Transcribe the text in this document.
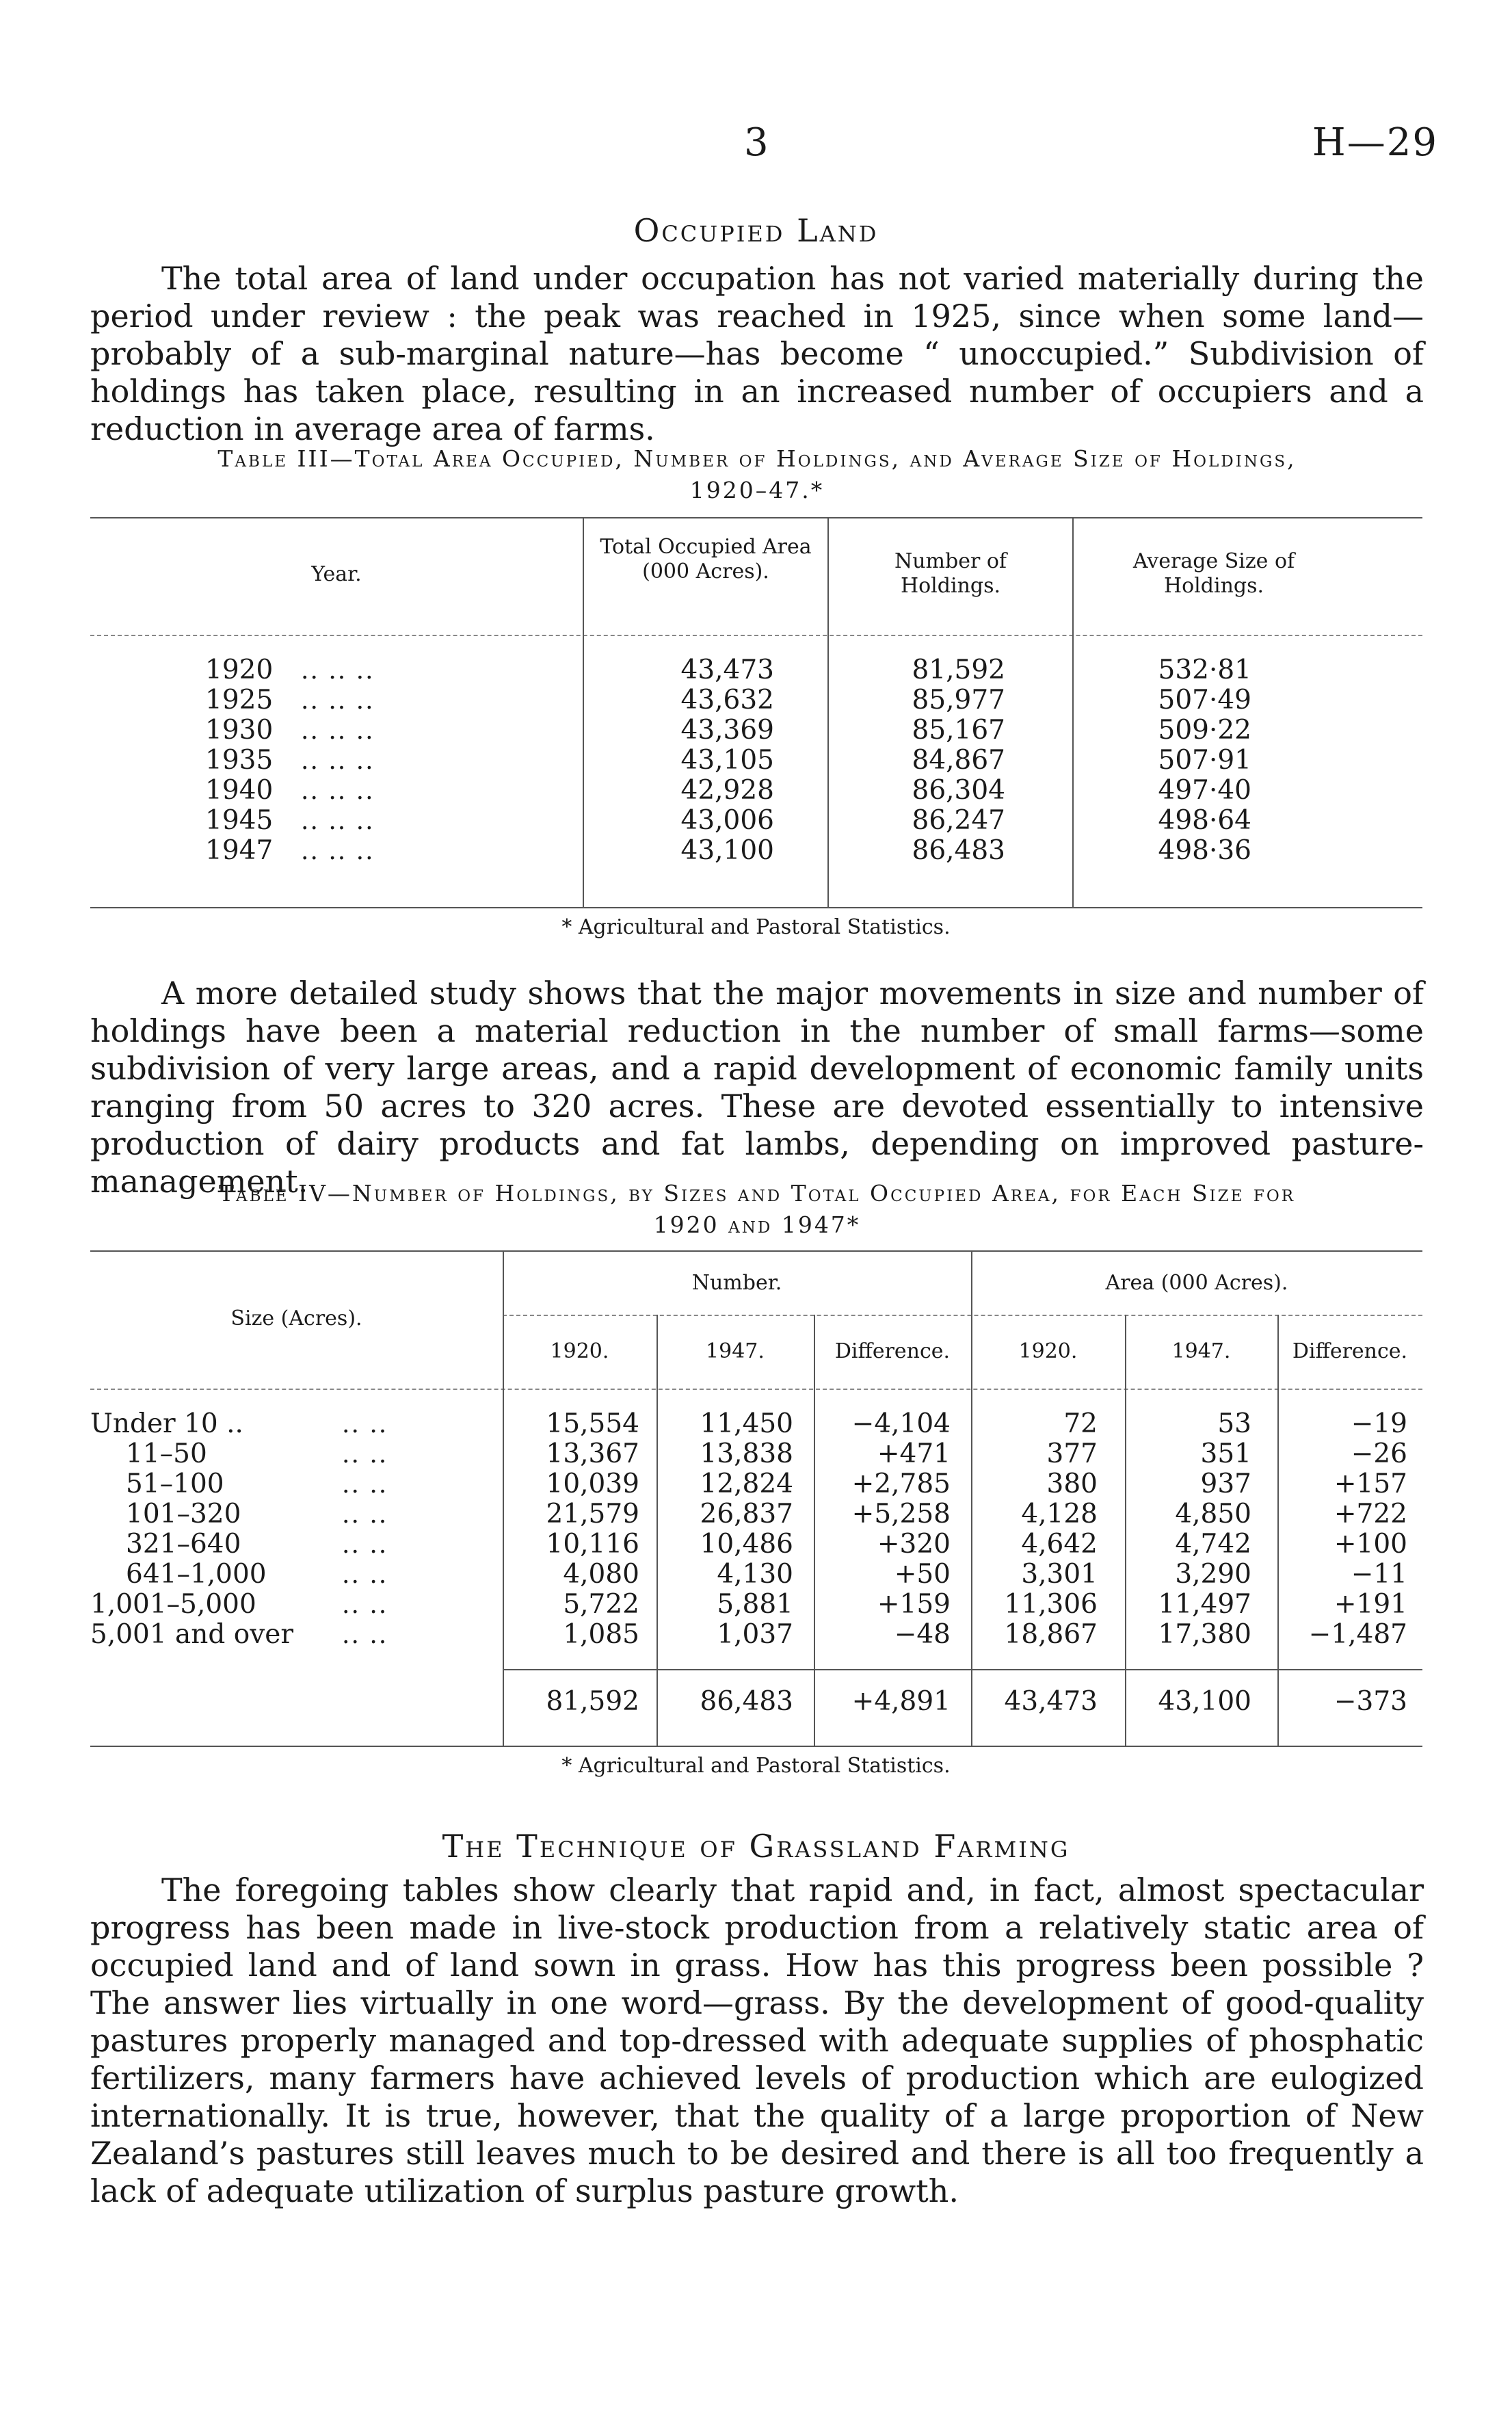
3	H—29
Occupied Land
The total area of land under occupation has not varied materially during the period under review : the peak was reached in 1925, since when some land—probably of a sub-marginal nature—has become “ unoccupied.” Subdivision of holdings has taken place, resulting in an increased number of occupiers and a reduction in average area of farms.
Table III—Total Area Occupied, Number of Holdings, and Average Size of Holdings,
1920–47.*
Year.
Total Occupied Area (000 Acres).	Number of Holdings.
Average Size of Holdings.
1920	43,473	81,592	532·81
.. .. ..
1925	43,632	85,977	507·49
.. .. ..
1930	43,369	85,167	509·22
.. .. ..
1935	43,105	84,867	507·91
.. .. ..
1940	42,928	86,304	497·40
.. .. ..
1945	43,006	86,247	498·64
.. .. ..
1947	43,100	86,483	498·36
.. .. ..
* Agricultural and Pastoral Statistics.
A more detailed study shows that the major movements in size and number of holdings have been a material reduction in the number of small farms—some subdivision of very large areas, and a rapid development of economic family units ranging from 50 acres to 320 acres. These are devoted essentially to intensive production of dairy products and fat lambs, depending on improved pasture-management.
Table IV—Number of Holdings, by Sizes and Total Occupied Area, for Each Size for
1920 and 1947*
Size (Acres).
Number.	Area (000 Acres).
1920.	1947.	Difference.	1920.	1947.	Difference.
Under 10 ..	15,554	11,450	−4,104	72	53	−19
.. ..
11–50	13,367	13,838	+471	377	351	−26
.. ..
51–100	10,039	12,824	+2,785	380	937	+157
.. ..
101–320	21,579	26,837	+5,258	4,128	4,850	+722
.. ..
321–640	10,116	10,486	+320	4,642	4,742	+100
.. ..
641–1,000	4,080	4,130	+50	3,301	3,290	−11
.. ..
1,001–5,000	5,722	5,881	+159	11,306	11,497	+191
.. ..
5,001 and over	1,085	1,037	−48	18,867	17,380	−1,487
.. ..
81,592	86,483	+4,891	43,473	43,100	−373
* Agricultural and Pastoral Statistics.
The Technique of Grassland Farming
The foregoing tables show clearly that rapid and, in fact, almost spectacular progress has been made in live-stock production from a relatively static area of occupied land and of land sown in grass. How has this progress been possible ? The answer lies virtually in one word—grass. By the development of good-quality pastures properly managed and top-dressed with adequate supplies of phosphatic fertilizers, many farmers have achieved levels of production which are eulogized internationally. It is true, however, that the quality of a large proportion of New Zealand’s pastures still leaves much to be desired and there is all too frequently a lack of adequate utilization of surplus pasture growth.
